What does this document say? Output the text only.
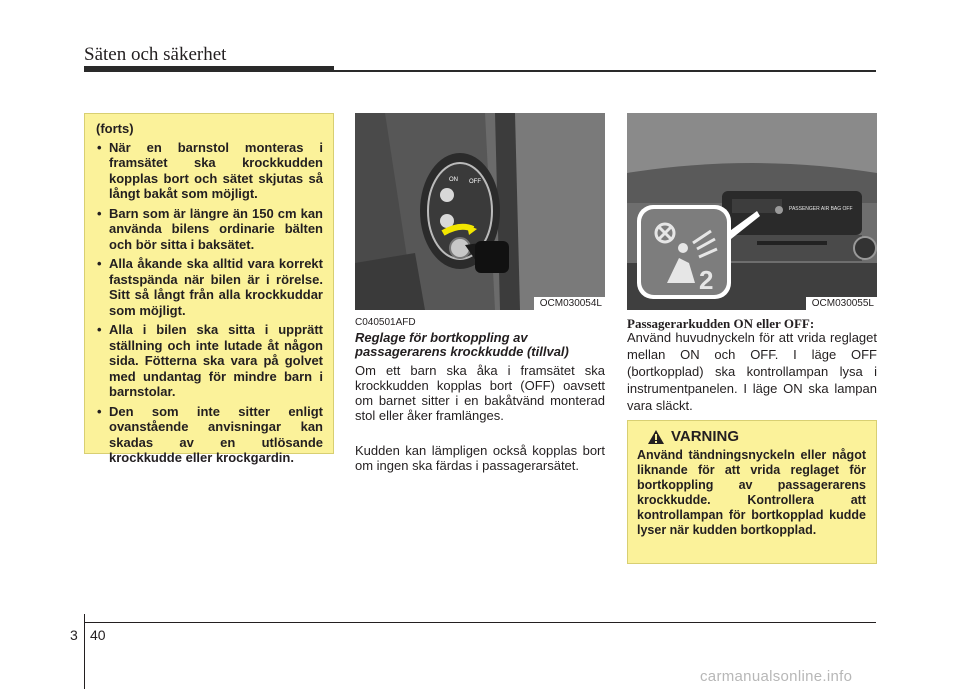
Säten och säkerhet
(forts)
• När en barnstol monteras i framsätet ska krockkudden kopplas bort och sätet skjutas så långt bakåt som möjligt.
• Barn som är längre än 150 cm kan använda bilens ordinarie bälten och bör sitta i baksätet.
• Alla åkande ska alltid vara korrekt fastspända när bilen är i rörelse. Sitt så långt från alla krockkuddar som möjligt.
• Alla i bilen ska sitta i upprätt ställning och inte lutade åt någon sida. Fötterna ska vara på golvet med undantag för mindre barn i barnstolar.
• Den som inte sitter enligt ovanstående anvisningar kan skadas av en utlösande krockkudde eller krockgardin.
ON OFF
OCM030054L
PASSENGER AIR BAG OFF
2
OCM030055L
C040501AFD
Reglage för bortkoppling av passagerarens krockkudde (tillval)
Om ett barn ska åka i framsätet ska krockkudden kopplas bort (OFF) oavsett om barnet sitter i en bakåtvänd monterad stol eller åker framlänges.
Kudden kan lämpligen också kopplas bort om ingen ska färdas i passagerarsätet.
Passagerarkudden ON eller OFF:
Använd huvudnyckeln för att vrida reglaget mellan ON och OFF. I läge OFF (bortkopplad) ska kontrollampan lysa i instrumentpanelen. I läge ON ska lampan vara släckt.
VARNING
Använd tändningsnyckeln eller något liknande för att vrida reglaget för bortkoppling av passagerarens krockkudde. Kontrollera att kontrollampan för bortkopplad kudde lyser när kudden bortkopplad.
3 40
carmanualsonline.info
